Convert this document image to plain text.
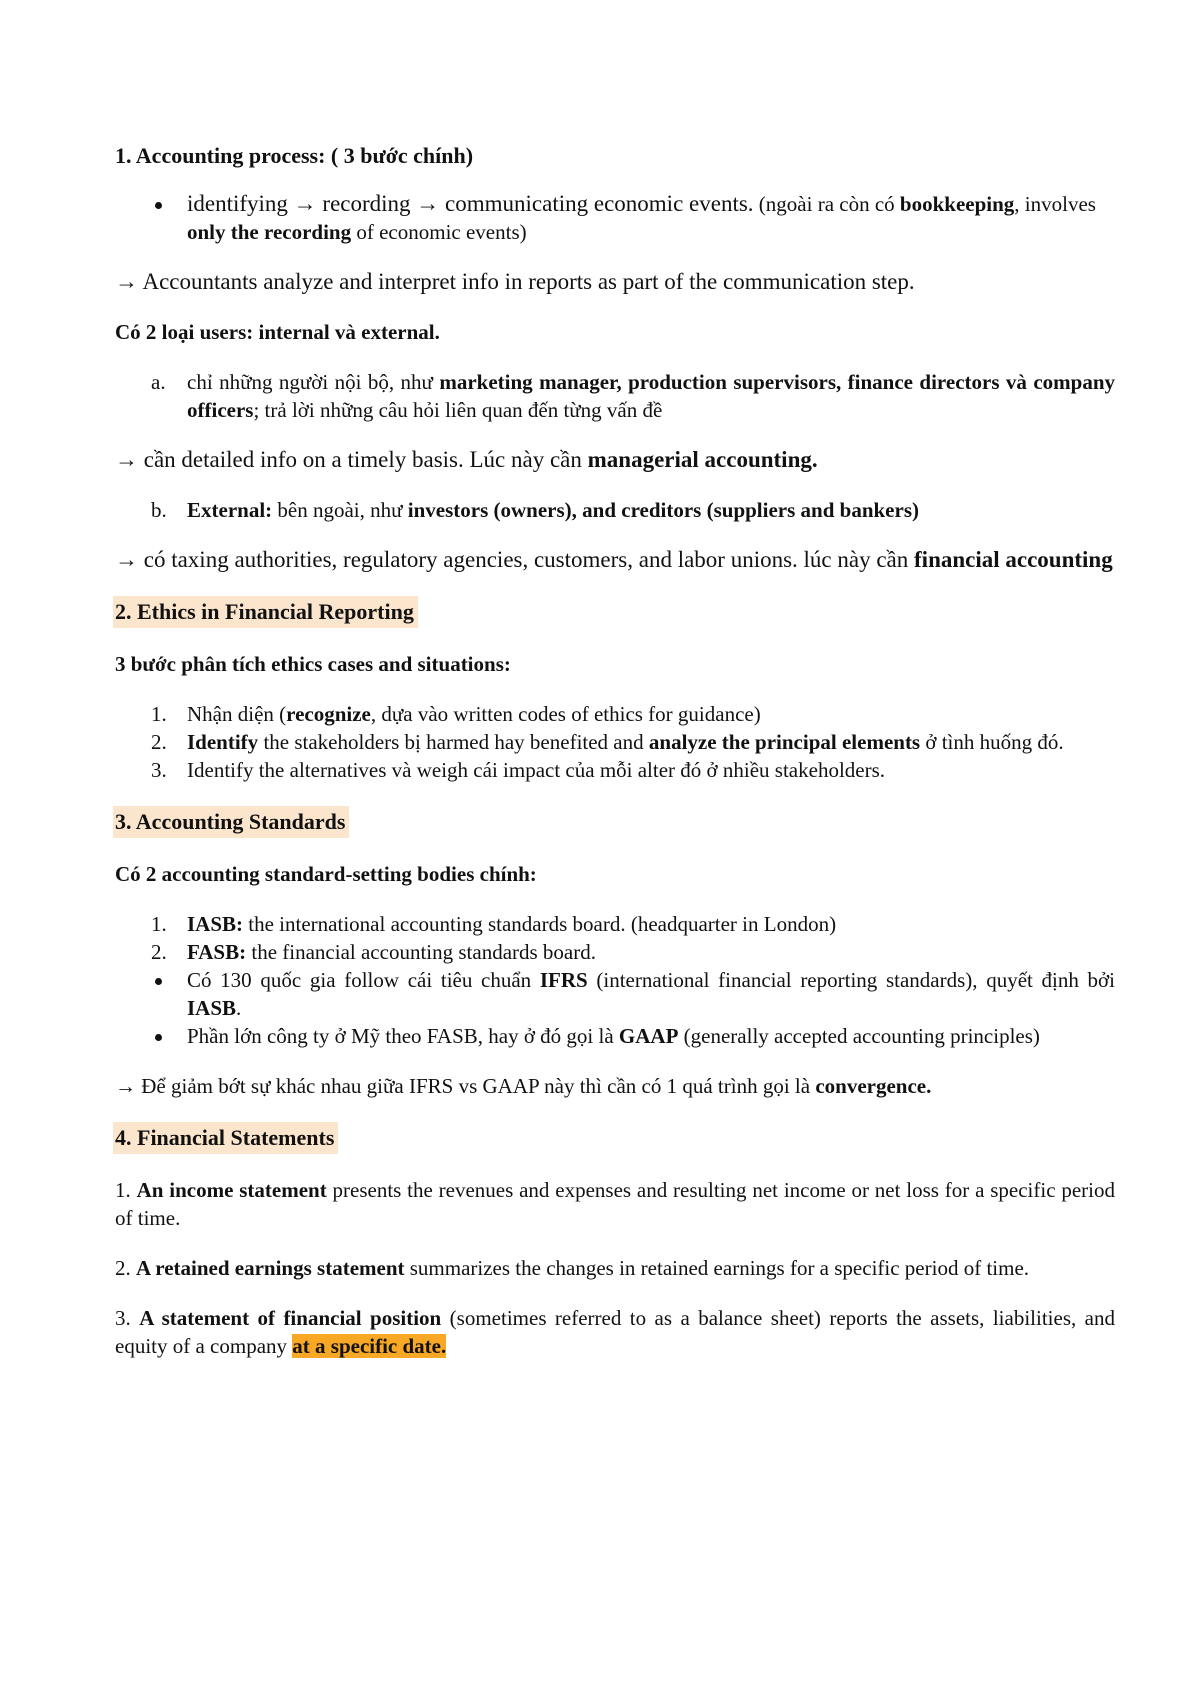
1. Accounting process: ( 3 bước chính)
identifying → recording → communicating economic events. (ngoài ra còn có bookkeeping, involves only the recording of economic events)

→ Accountants analyze and interpret info in reports as part of the communication step.

Có 2 loại users: internal và external.

a. chỉ những người nội bộ, như marketing manager, production supervisors, finance directors và company officers; trả lời những câu hỏi liên quan đến từng vấn đề

→ cần detailed info on a timely basis. Lúc này cần managerial accounting.

b. External: bên ngoài, như investors (owners), and creditors (suppliers and bankers)

→ có taxing authorities, regulatory agencies, customers, and labor unions. lúc này cần financial accounting

2. Ethics in Financial Reporting

3 bước phân tích ethics cases and situations:

1. Nhận diện (recognize, dựa vào written codes of ethics for guidance)
2. Identify the stakeholders bị harmed hay benefited and analyze the principal elements ở tình huống đó.
3. Identify the alternatives và weigh cái impact của mỗi alter đó ở nhiều stakeholders.
3. Accounting Standards

Có 2 accounting standard-setting bodies chính:

1. IASB: the international accounting standards board. (headquarter in London)
2. FASB: the financial accounting standards board.
Có 130 quốc gia follow cái tiêu chuẩn IFRS (international financial reporting standards), quyết định bởi IASB.
Phần lớn công ty ở Mỹ theo FASB, hay ở đó gọi là GAAP (generally accepted accounting principles)

→ Để giảm bớt sự khác nhau giữa IFRS vs GAAP này thì cần có 1 quá trình gọi là convergence.

4. Financial Statements

1. An income statement presents the revenues and expenses and resulting net income or net loss for a specific period of time.

2. A retained earnings statement summarizes the changes in retained earnings for a specific period of time.

3. A statement of financial position (sometimes referred to as a balance sheet) reports the assets, liabilities, and equity of a company at a specific date.
